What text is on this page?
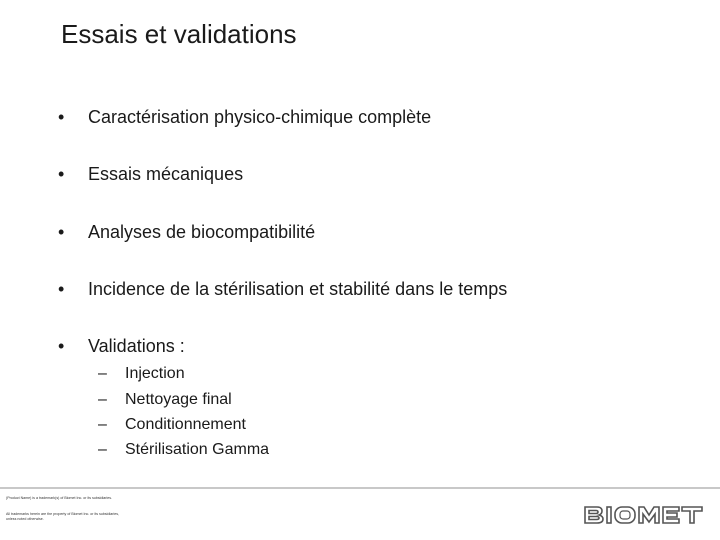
Essais et validations
• Caractérisation physico-chimique complète
• Essais mécaniques
• Analyses de biocompatibilité
• Incidence de la stérilisation et stabilité dans le temps
• Validations :
– Injection
– Nettoyage final
– Conditionnement
– Stérilisation Gamma
(Product Name) is a trademark(s) of Biomet Inc. or its subsidiaries.
All trademarks herein are the property of Biomet Inc. or its subsidiaries,
unless noted otherwise.
